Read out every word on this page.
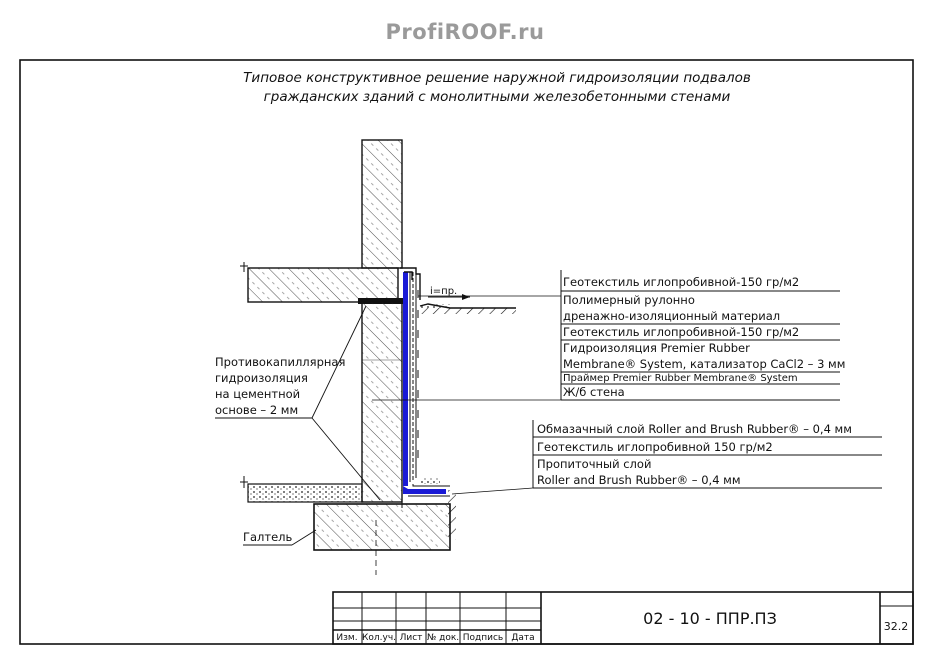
ProfiROOF.ru
Типовое конструктивное решение наружной гидроизоляции подвалов
гражданских зданий с монолитными железобетонными стенами
i=пр.
Противокапиллярная
гидроизоляция
на цементной
основе – 2 мм
Галтель
Геотекстиль иглопробивной-150 гр/м2
Полимерный рулонно
дренажно-изоляционный материал
Геотекстиль иглопробивной-150 гр/м2
Гидроизоляция Premier Rubber
Membrane® System, катализатор CaCl2 – 3 мм
Праймер Premier Rubber Membrane® System
Ж/б стена
Обмазачный слой Roller and Brush Rubber® – 0,4 мм
Геотекстиль иглопробивной 150 гр/м2
Пропиточный слой
Roller and Brush Rubber® – 0,4 мм
Изм. Кол.уч. Лист № док. Подпись Дата
02 - 10 - ППР.ПЗ	32.2
